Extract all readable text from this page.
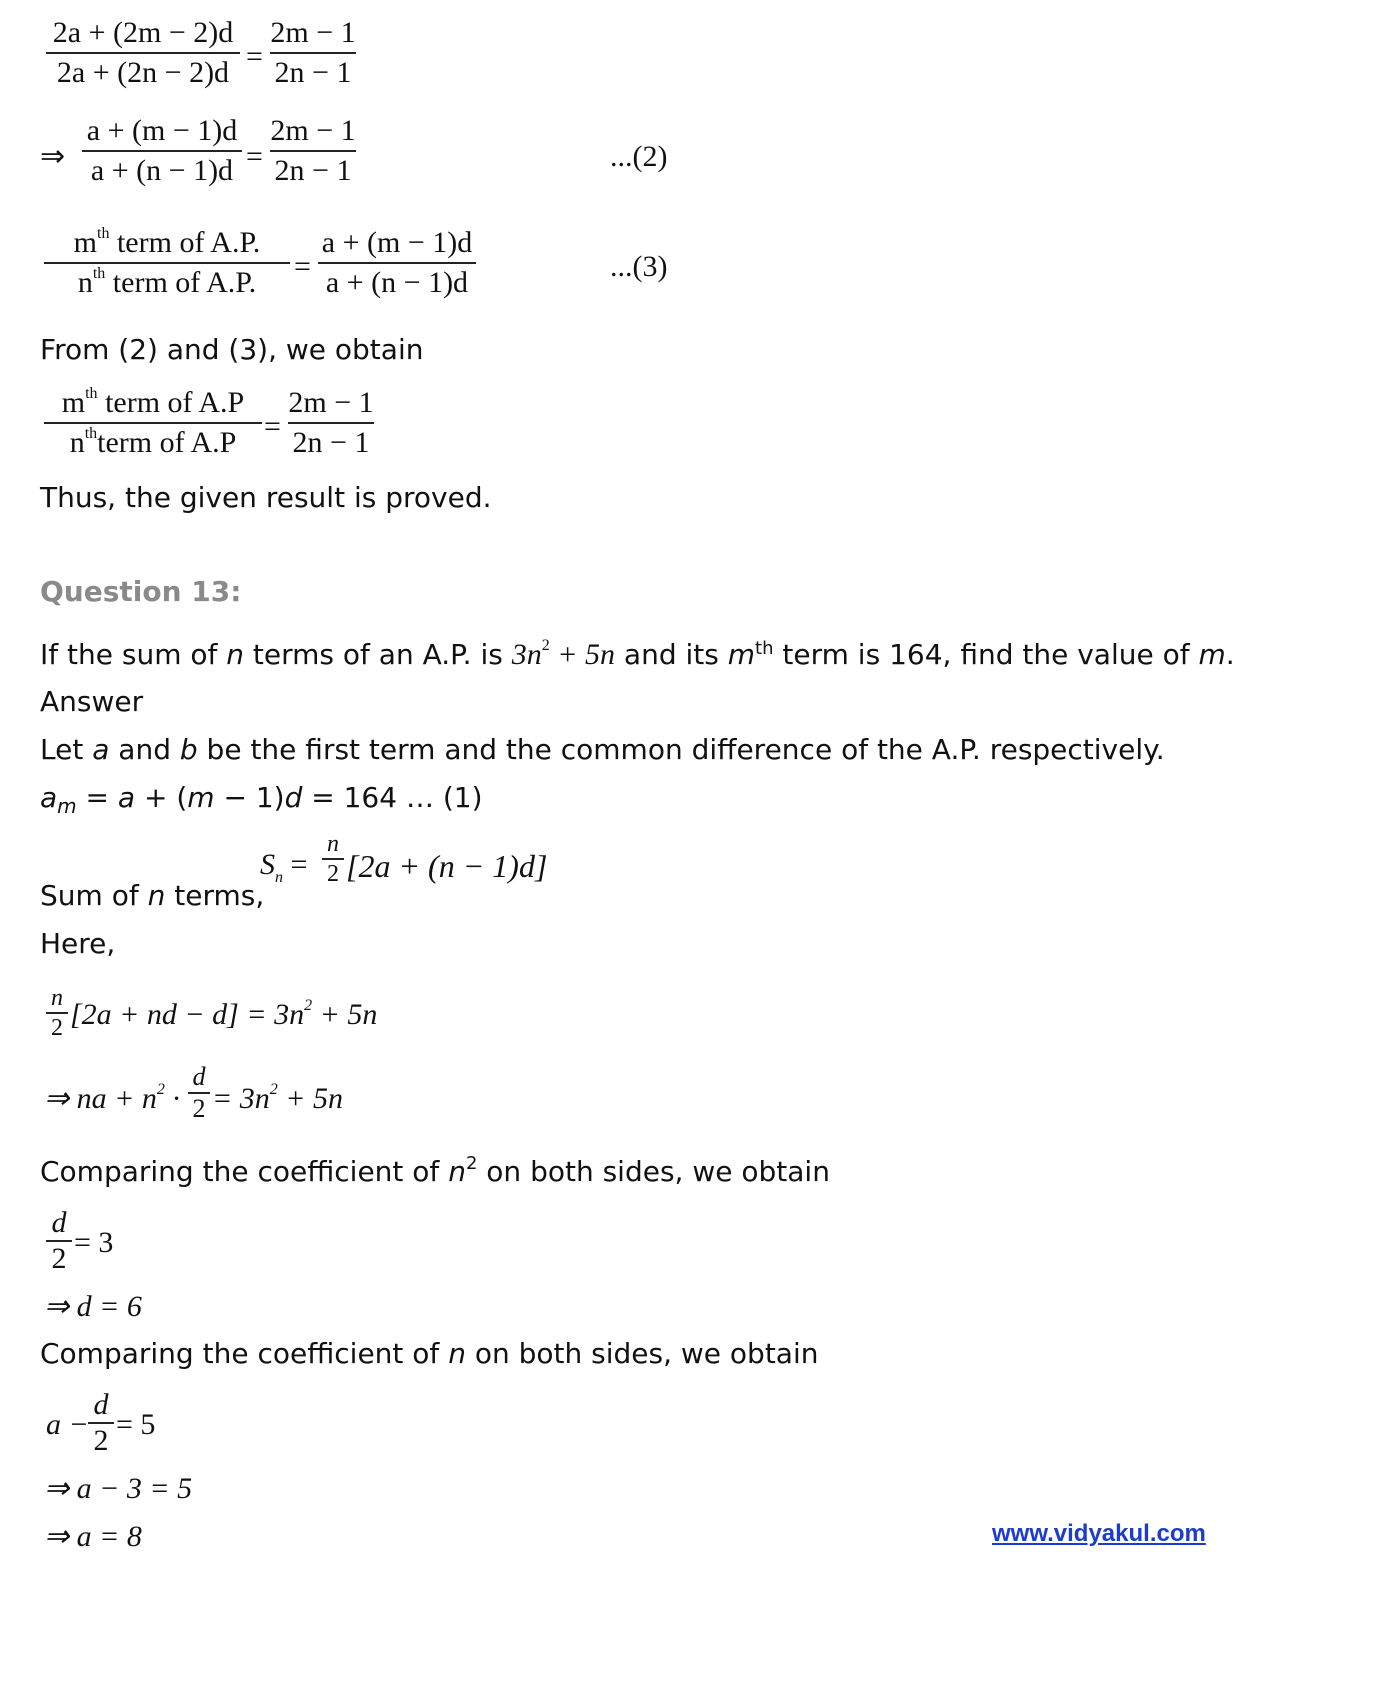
2a + (2m − 2)d
2a + (2n − 2)d =
2m − 1
2n − 1
⇒
a + (m − 1)d
a + (n − 1)d =
2m − 1
2n − 1	...(2)
$m^{th}$ term of A.P.
$n^{th}$ term of A.P.	=
a + (m − 1)d
a + (n − 1)d	...(3)
From (2) and (3), we obtain
$m^{th}$ term of A.P
$n^{th}term$ of A.P =
2m − 1
2n − 1
Thus, the given result is proved.
Question 13:
If the sum of n terms of an A.P. is $3n^2 + 5n$ and its $m^{th}$ term is 164, find the value of m.
Answer
Let a and b be the first term and the common difference of the A.P. respectively.
$a_m = a + (m - 1)d = 164$ … (1)
$S_n$ =
n
2 [2a + (n − 1)d]
Sum of n terms,
Here,
n
2 [2a + nd − $d] = 3n^2 + 5n$
⇒ na + $n^2$ ·
d
$2 = 3n^2 + 5n$
Comparing the coefficient of $n^2$ on both sides, we obtain
d
2 = 3
⇒ d = 6
Comparing the coefficient of n on both sides, we obtain
a −
d
2 = 5
⇒ a − 3 = 5
⇒ a = 8	www.vidyakul.com
